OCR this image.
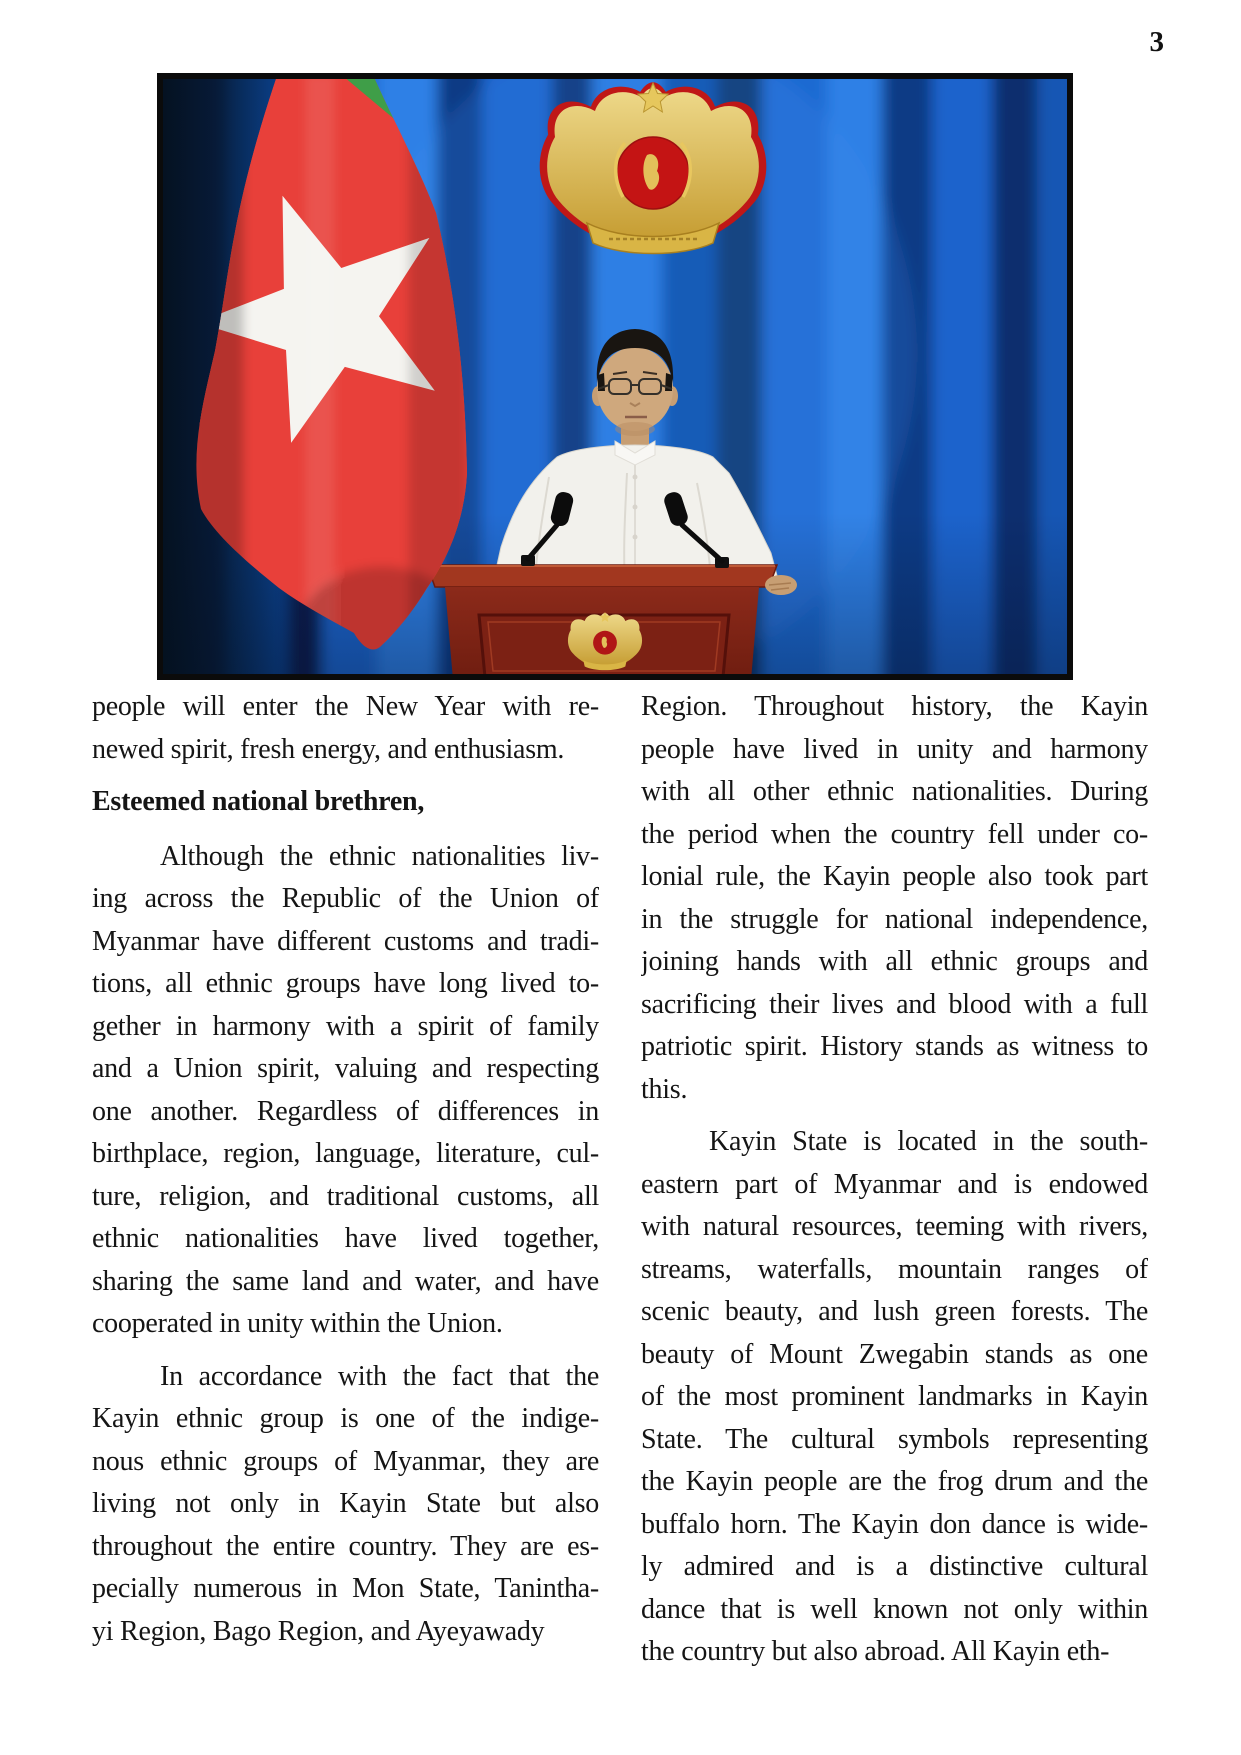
3
people will enter the New Year with re-
newed spirit, fresh energy, and enthusiasm.
Esteemed national brethren,
Although the ethnic nationalities liv-
ing across the Republic of the Union of
Myanmar have different customs and tradi-
tions, all ethnic groups have long lived to-
gether in harmony with a spirit of family
and a Union spirit, valuing and respecting
one another. Regardless of differences in
birthplace, region, language, literature, cul-
ture, religion, and traditional customs, all
ethnic nationalities have lived together,
sharing the same land and water, and have
cooperated in unity within the Union.
In accordance with the fact that the
Kayin ethnic group is one of the indige-
nous ethnic groups of Myanmar, they are
living not only in Kayin State but also
throughout the entire country. They are es-
pecially numerous in Mon State, Tanintha-
yi Region, Bago Region, and Ayeyawady
Region. Throughout history, the Kayin
people have lived in unity and harmony
with all other ethnic nationalities. During
the period when the country fell under co-
lonial rule, the Kayin people also took part
in the struggle for national independence,
joining hands with all ethnic groups and
sacrificing their lives and blood with a full
patriotic spirit. History stands as witness to
this.
Kayin State is located in the south-
eastern part of Myanmar and is endowed
with natural resources, teeming with rivers,
streams, waterfalls, mountain ranges of
scenic beauty, and lush green forests. The
beauty of Mount Zwegabin stands as one
of the most prominent landmarks in Kayin
State. The cultural symbols representing
the Kayin people are the frog drum and the
buffalo horn. The Kayin don dance is wide-
ly admired and is a distinctive cultural
dance that is well known not only within
the country but also abroad. All Kayin eth-
